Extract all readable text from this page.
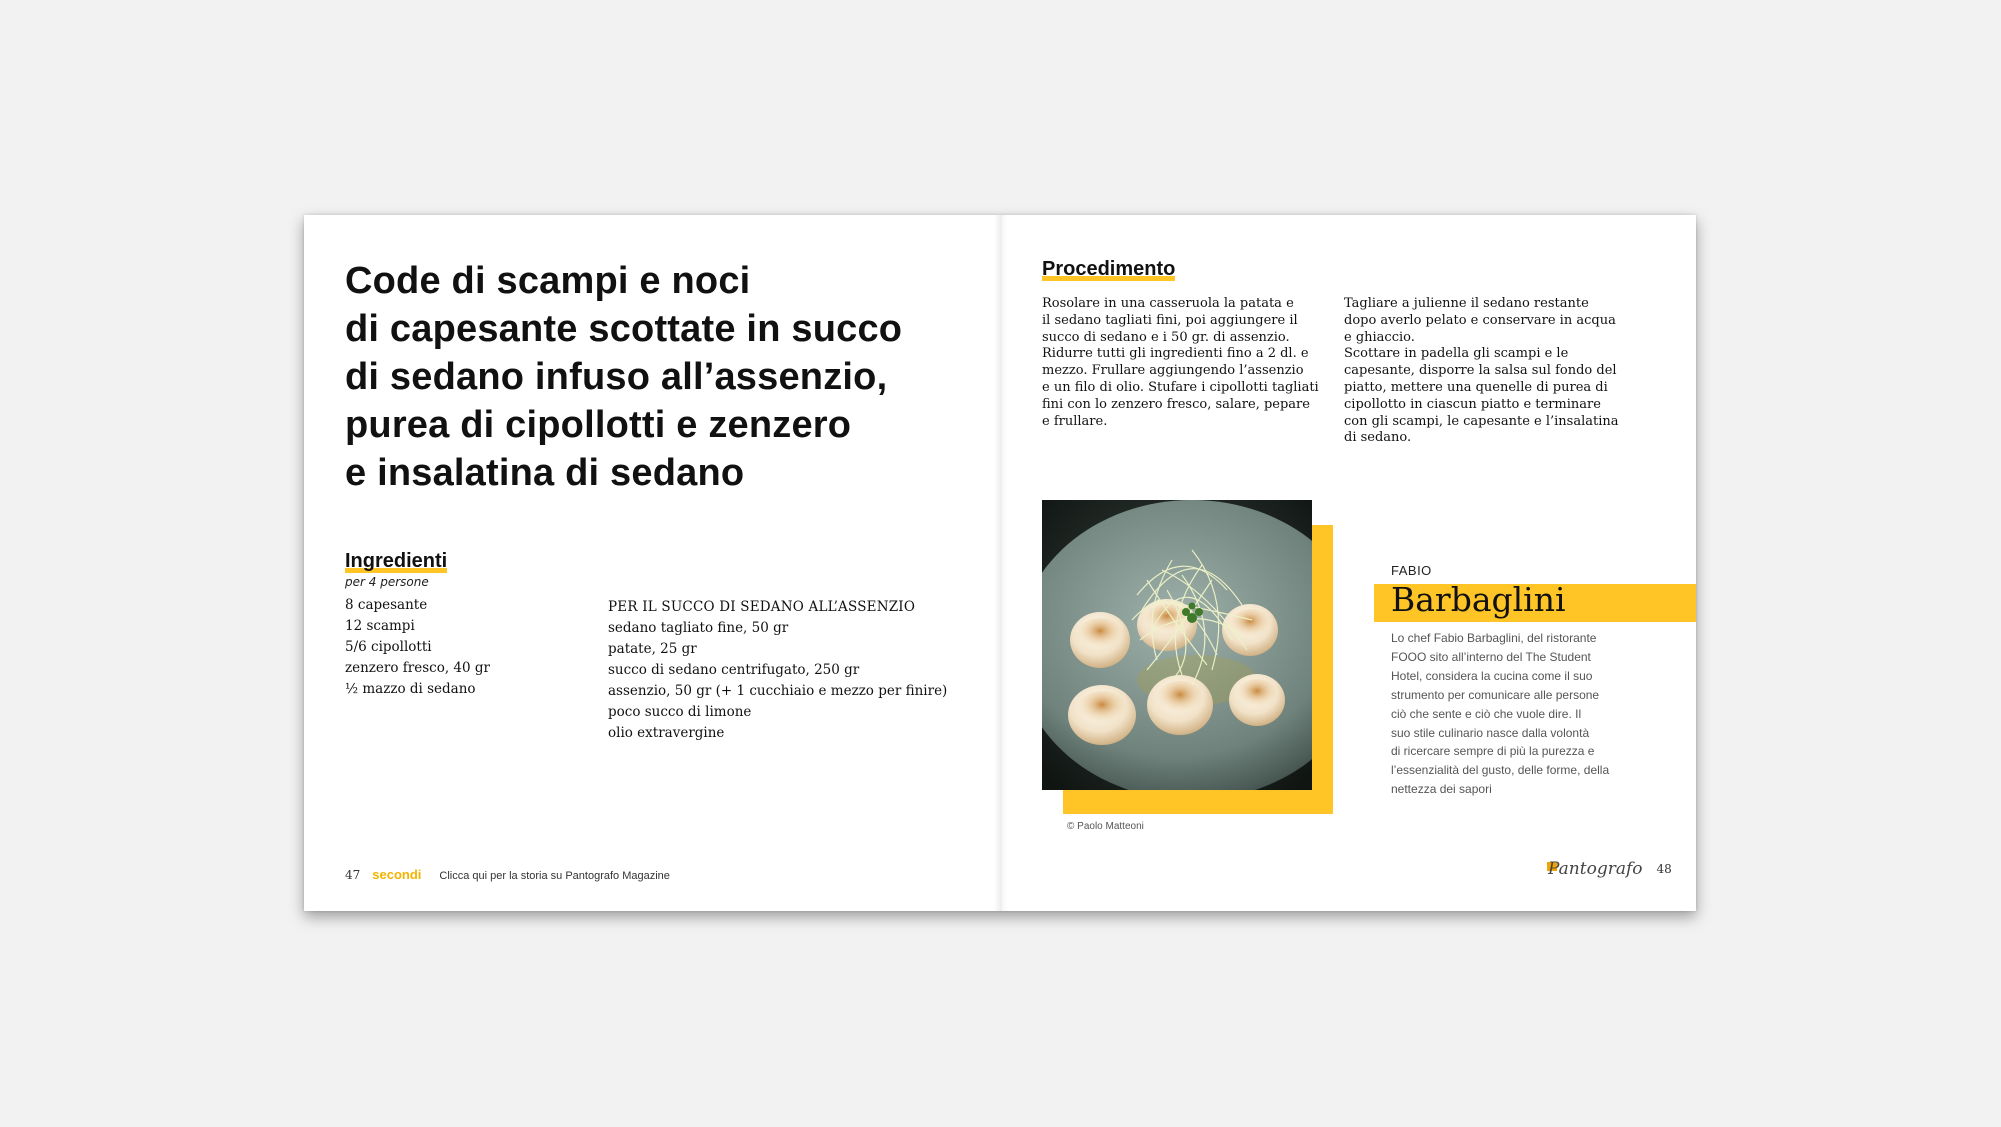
Code di scampi e noci
di capesante scottate in succo
di sedano infuso all’assenzio,
purea di cipollotti e zenzero
e insalatina di sedano
Ingredienti
per 4 persone
8 capesante
12 scampi
5/6 cipollotti
zenzero fresco, 40 gr
½ mazzo di sedano
PER IL SUCCO DI SEDANO ALL’ASSENZIO
sedano tagliato fine, 50 gr
patate, 25 gr
succo di sedano centrifugato, 250 gr
assenzio, 50 gr (+ 1 cucchiaio e mezzo per finire)
poco succo di limone
olio extravergine
47 secondi Clicca qui per la storia su Pantografo Magazine
Procedimento

Rosolare in una casseruola la patata e
il sedano tagliati fini, poi aggiungere il
succo di sedano e i 50 gr. di assenzio.
Ridurre tutti gli ingredienti fino a 2 dl. e
mezzo. Frullare aggiungendo l’assenzio
e un filo di olio. Stufare i cipollotti tagliati
fini con lo zenzero fresco, salare, pepare
e frullare.

Tagliare a julienne il sedano restante
dopo averlo pelato e conservare in acqua
e ghiaccio.
Scottare in padella gli scampi e le
capesante, disporre la salsa sul fondo del
piatto, mettere una quenelle di purea di
cipollotto in ciascun piatto e terminare
con gli scampi, le capesante e l’insalatina
di sedano.

© Paolo Matteoni
FABIO
Barbaglini

Lo chef Fabio Barbaglini, del ristorante
FOOO sito all’interno del The Student
Hotel, considera la cucina come il suo
strumento per comunicare alle persone
ciò che sente e ciò che vuole dire. Il
suo stile culinario nasce dalla volontà
di ricercare sempre di più la purezza e
l’essenzialità del gusto, delle forme, della
nettezza dei sapori

Pantografo 48
